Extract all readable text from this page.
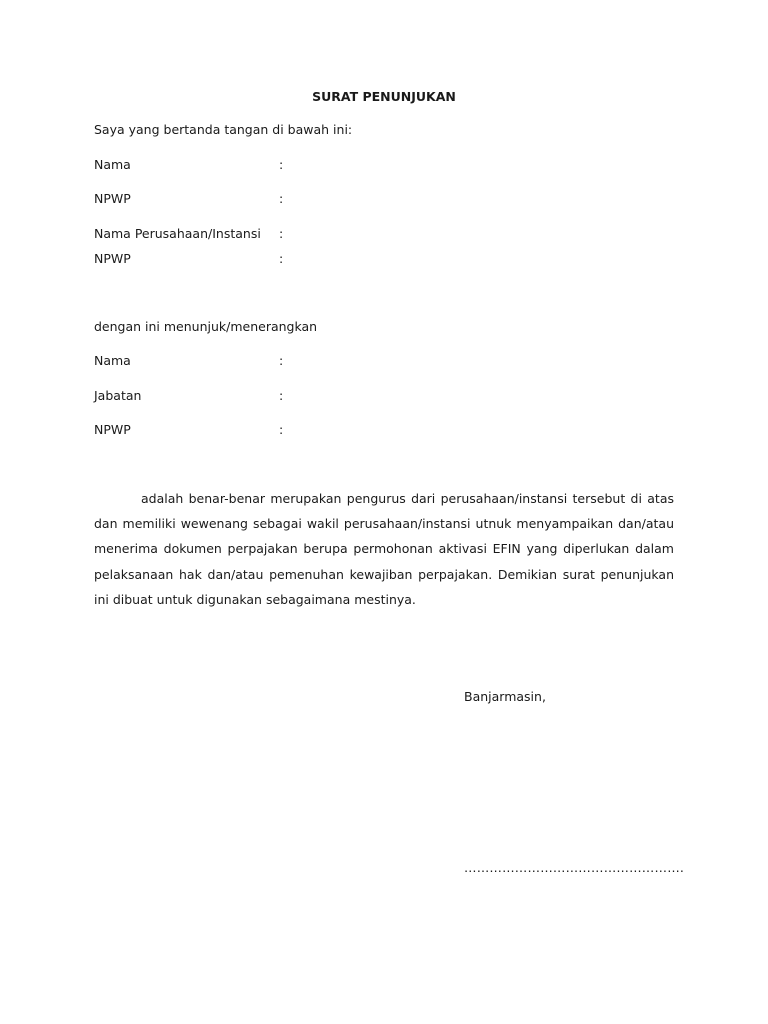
SURAT PENUNJUKAN
Saya yang bertanda tangan di bawah ini:
Nama	:
NPWP	:
Nama Perusahaan/Instansi :
NPWP	:
dengan ini menunjuk/menerangkan
Nama	:
Jabatan	:
NPWP	:

adalah benar-benar merupakan pengurus dari perusahaan/instansi tersebut di atas dan memiliki wewenang sebagai wakil perusahaan/instansi utnuk menyampaikan dan/atau menerima dokumen perpajakan berupa permohonan aktivasi EFIN yang diperlukan dalam pelaksanaan hak dan/atau pemenuhan kewajiban perpajakan. Demikian surat penunjukan ini dibuat untuk digunakan sebagaimana mestinya.

Banjarmasin,
…………………………………………….
